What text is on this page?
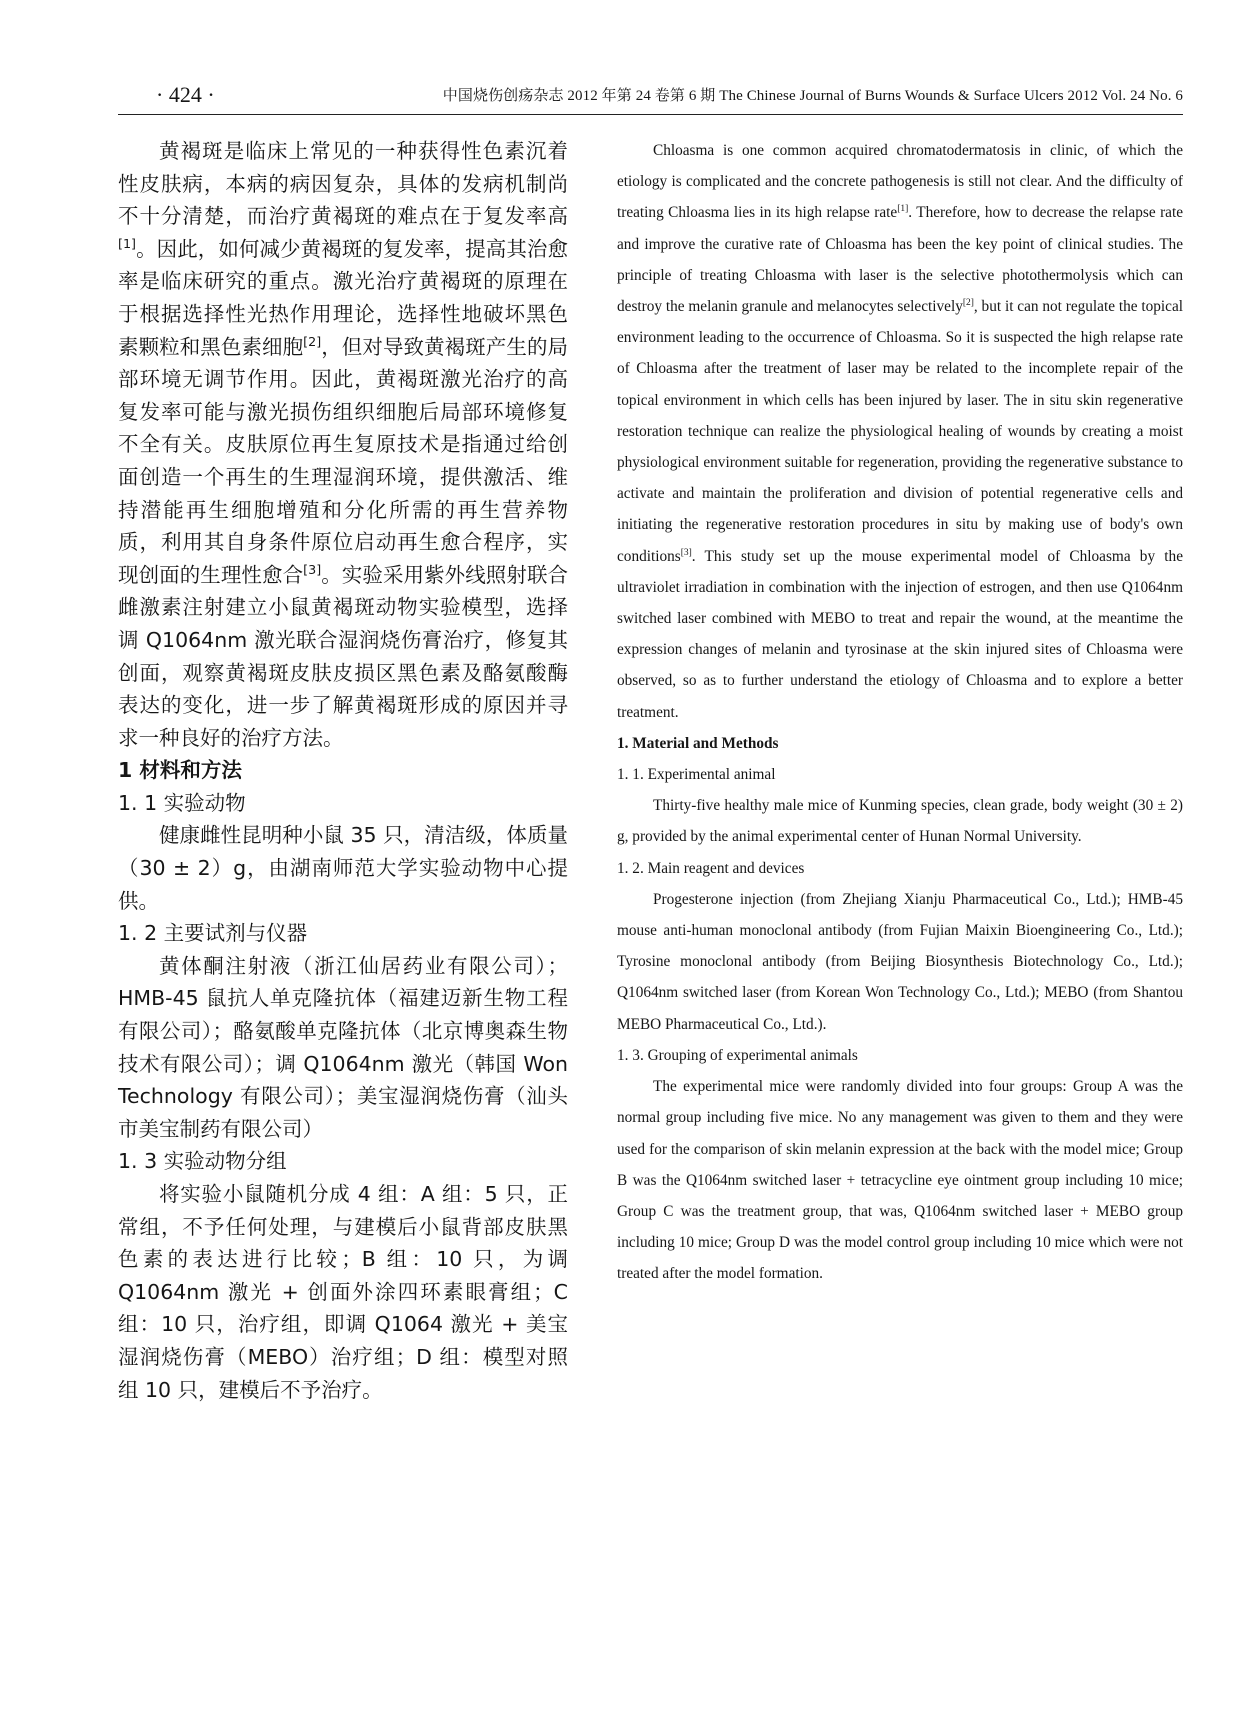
· 424 ·	中国烧伤创疡杂志 2012 年第 24 卷第 6 期 The Chinese Journal of Burns Wounds & Surface Ulcers 2012 Vol. 24 No. 6

黄褐斑是临床上常见的一种获得性色素沉着性皮肤病，本病的病因复杂，具体的发病机制尚不十分清楚，而治疗黄褐斑的难点在于复发率高[1]。因此，如何减少黄褐斑的复发率，提高其治愈率是临床研究的重点。激光治疗黄褐斑的原理在于根据选择性光热作用理论，选择性地破坏黑色素颗粒和黑色素细胞[2]，但对导致黄褐斑产生的局部环境无调节作用。因此，黄褐斑激光治疗的高复发率可能与激光损伤组织细胞后局部环境修复不全有关。皮肤原位再生复原技术是指通过给创面创造一个再生的生理湿润环境，提供激活、维持潜能再生细胞增殖和分化所需的再生营养物质，利用其自身条件原位启动再生愈合程序，实现创面的生理性愈合[3]。实验采用紫外线照射联合雌激素注射建立小鼠黄褐斑动物实验模型，选择调 Q1064nm 激光联合湿润烧伤膏治疗，修复其创面，观察黄褐斑皮肤皮损区黑色素及酪氨酸酶表达的变化，进一步了解黄褐斑形成的原因并寻求一种良好的治疗方法。

1 材料和方法

1. 1 实验动物

健康雌性昆明种小鼠 35 只，清洁级，体质量（30 ± 2）g，由湖南师范大学实验动物中心提供。

1. 2 主要试剂与仪器

黄体酮注射液（浙江仙居药业有限公司）；HMB-45 鼠抗人单克隆抗体（福建迈新生物工程有限公司）；酪氨酸单克隆抗体（北京博奥森生物技术有限公司）；调 Q1064nm 激光（韩国 Won Technology 有限公司）；美宝湿润烧伤膏（汕头市美宝制药有限公司）

1. 3 实验动物分组

将实验小鼠随机分成 4 组：A 组：5 只，正常组，不予任何处理，与建模后小鼠背部皮肤黑色素的表达进行比较；B 组：10 只，为调 Q1064nm 激光 + 创面外涂四环素眼膏组；C 组：10 只，治疗组，即调 Q1064 激光 + 美宝湿润烧伤膏（MEBO）治疗组；D 组：模型对照组 10 只，建模后不予治疗。

Chloasma is one common acquired chromatodermatosis in clinic, of which the etiology is complicated and the concrete pathogenesis is still not clear. And the difficulty of treating Chloasma lies in its high relapse rate[1]. Therefore, how to decrease the relapse rate and improve the curative rate of Chloasma has been the key point of clinical studies. The principle of treating Chloasma with laser is the selective photothermolysis which can destroy the melanin granule and melanocytes selectively[2], but it can not regulate the topical environment leading to the occurrence of Chloasma. So it is suspected the high relapse rate of Chloasma after the treatment of laser may be related to the incomplete repair of the topical environment in which cells has been injured by laser. The in situ skin regenerative restoration technique can realize the physiological healing of wounds by creating a moist physiological environment suitable for regeneration, providing the regenerative substance to activate and maintain the proliferation and division of potential regenerative cells and initiating the regenerative restoration procedures in situ by making use of body's own conditions[3]. This study set up the mouse experimental model of Chloasma by the ultraviolet irradiation in combination with the injection of estrogen, and then use Q1064nm switched laser combined with MEBO to treat and repair the wound, at the meantime the expression changes of melanin and tyrosinase at the skin injured sites of Chloasma were observed, so as to further understand the etiology of Chloasma and to explore a better treatment.

1. Material and Methods

1. 1. Experimental animal

Thirty-five healthy male mice of Kunming species, clean grade, body weight (30 ± 2) g, provided by the animal experimental center of Hunan Normal University.

1. 2. Main reagent and devices

Progesterone injection (from Zhejiang Xianju Pharmaceutical Co., Ltd.); HMB-45 mouse anti-human monoclonal antibody (from Fujian Maixin Bioengineering Co., Ltd.); Tyrosine monoclonal antibody (from Beijing Biosynthesis Biotechnology Co., Ltd.); Q1064nm switched laser (from Korean Won Technology Co., Ltd.); MEBO (from Shantou MEBO Pharmaceutical Co., Ltd.).

1. 3. Grouping of experimental animals

The experimental mice were randomly divided into four groups: Group A was the normal group including five mice. No any management was given to them and they were used for the comparison of skin melanin expression at the back with the model mice; Group B was the Q1064nm switched laser + tetracycline eye ointment group including 10 mice; Group C was the treatment group, that was, Q1064nm switched laser + MEBO group including 10 mice; Group D was the model control group including 10 mice which were not treated after the model formation.
